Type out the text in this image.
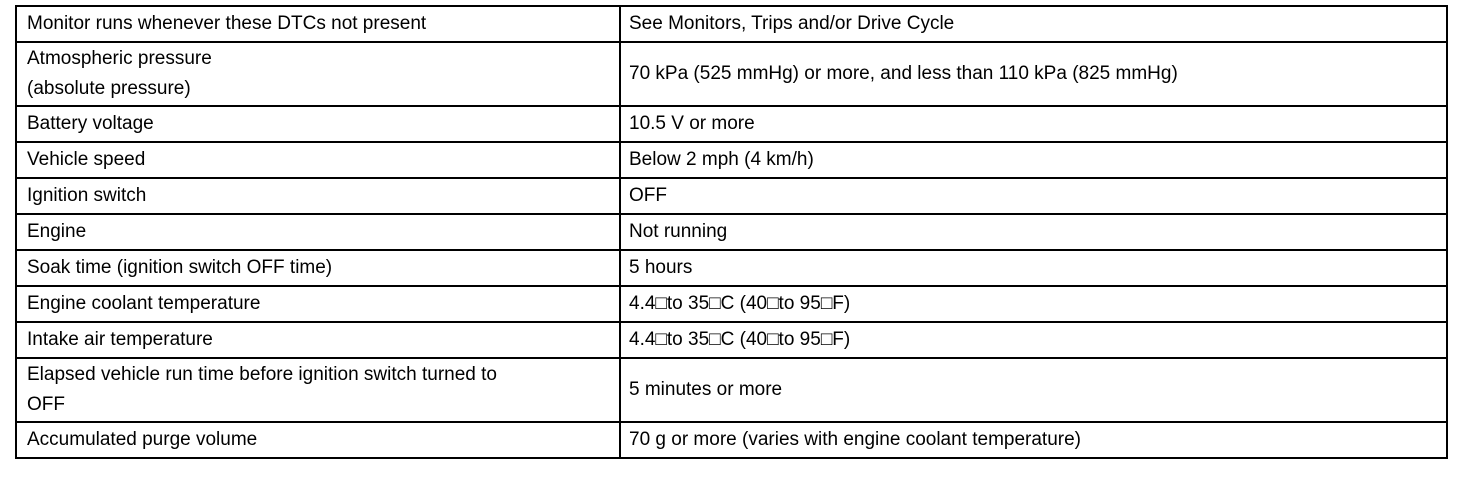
Monitor runs whenever these DTCs not present	See Monitors, Trips and/or Drive Cycle
Atmospheric pressure
(absolute pressure)	70 kPa (525 mmHg) or more, and less than 110 kPa (825 mmHg)
Battery voltage	10.5 V or more
Vehicle speed	Below 2 mph (4 km/h)
Ignition switch	OFF
Engine	Not running
Soak time (ignition switch OFF time)	5 hours
Engine coolant temperature	4.4□to 35□C (40□to 95□F)
Intake air temperature	4.4□to 35□C (40□to 95□F)
Elapsed vehicle run time before ignition switch turned to
OFF	5 minutes or more
Accumulated purge volume	70 g or more (varies with engine coolant temperature)
